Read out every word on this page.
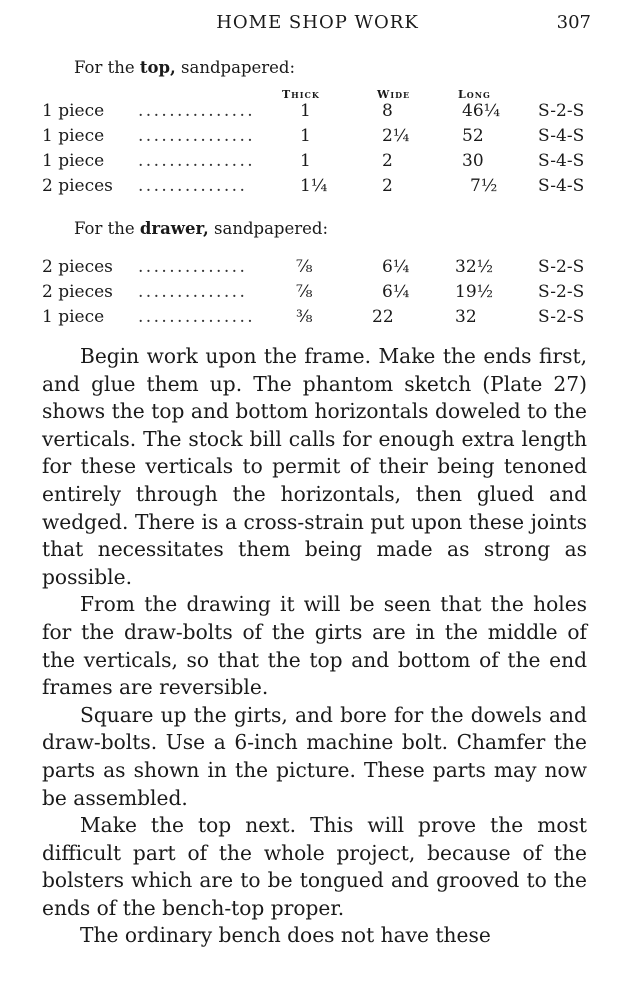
HOME SHOP WORK	307
For the top, sandpapered:
Thick	Wide	Long
1 piece ...............	1	8	46¼ S-2-S
1 piece ...............	1	2¼	52	S-4-S
1 piece ...............	1	2	30	S-4-S
2 pieces ..............	1¼	2	7½ S-4-S
For the drawer, sandpapered:
2 pieces ..............	⅞	6¼	32½	S-2-S
2 pieces ..............	⅞	6¼	19½	S-2-S
1 piece ............... ⅜	22	32	S-2-S

Begin work upon the frame. Make the ends first, and glue them up. The phantom sketch (Plate 27) shows the top and bottom horizontals doweled to the verticals. The stock bill calls for enough extra length for these verticals to permit of their being tenoned entirely through the horizontals, then glued and wedged. There is a cross-strain put upon these joints that necessitates them being made as strong as possible.

From the drawing it will be seen that the holes for the draw-bolts of the girts are in the middle of the verticals, so that the top and bottom of the end frames are reversible.

Square up the girts, and bore for the dowels and draw-bolts. Use a 6-inch machine bolt. Chamfer the parts as shown in the picture. These parts may now be assembled.

Make the top next. This will prove the most difficult part of the whole project, because of the bolsters which are to be tongued and grooved to the ends of the bench-top proper.

The ordinary bench does not have these
